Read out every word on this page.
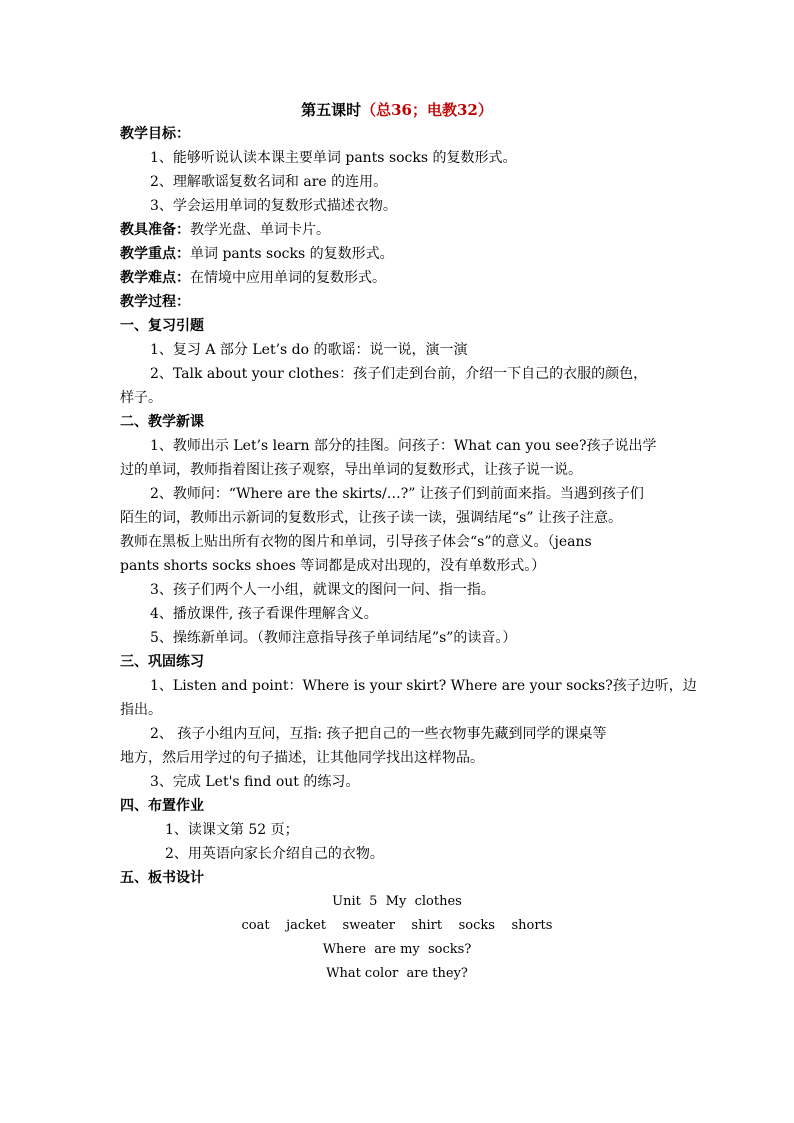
第五课时（总36；电教32）
教学目标：
1、能够听说认读本课主要单词 pants socks 的复数形式。
2、理解歌谣复数名词和 are 的连用。
3、学会运用单词的复数形式描述衣物。
教具准备：教学光盘、单词卡片。
教学重点：单词 pants socks 的复数形式。
教学难点：在情境中应用单词的复数形式。
教学过程：
一、复习引题
1、复习 A 部分 Let’s do 的歌谣：说一说，演一演
2、Talk about your clothes：孩子们走到台前，介绍一下自己的衣服的颜色，
样子。
二、教学新课
1、教师出示 Let’s learn 部分的挂图。问孩子：What can you see?孩子说出学
过的单词，教师指着图让孩子观察，导出单词的复数形式，让孩子说一说。
2、教师问：“Where are the skirts/…?” 让孩子们到前面来指。当遇到孩子们
陌生的词，教师出示新词的复数形式，让孩子读一读，强调结尾“s” 让孩子注意。
教师在黑板上贴出所有衣物的图片和单词，引导孩子体会“s”的意义。（jeans
pants shorts socks shoes 等词都是成对出现的，没有单数形式。）
3、孩子们两个人一小组，就课文的图问一问、指一指。
4、播放课件, 孩子看课件理解含义。
5、操练新单词。（教师注意指导孩子单词结尾”s”的读音。）
三、巩固练习
1、Listen and point：Where is your skirt? Where are your socks?孩子边听，边
指出。
2、 孩子小组内互问，互指: 孩子把自己的一些衣物事先藏到同学的课桌等
地方，然后用学过的句子描述，让其他同学找出这样物品。
3、完成 Let's find out 的练习。
四、布置作业
1、读课文第 52 页；
2、用英语向家长介绍自己的衣物。
五、板书设计
Unit  5  My  clothes
coat    jacket    sweater    shirt    socks    shorts
Where  are my  socks?
What color  are they?
